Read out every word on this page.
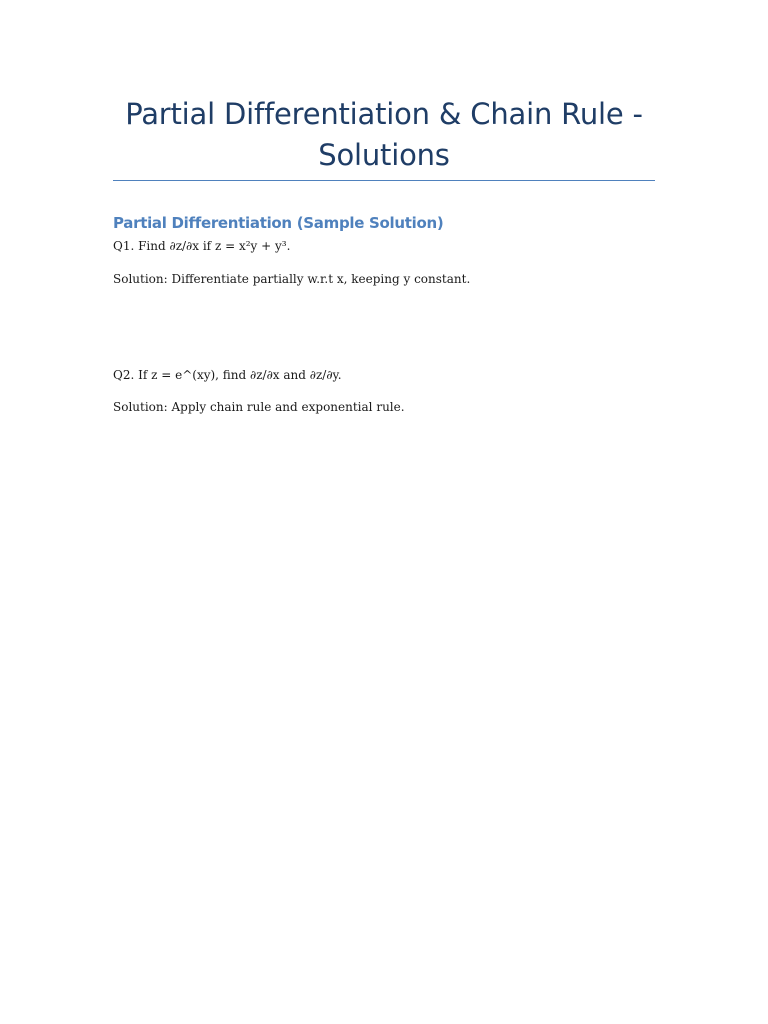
Partial Differentiation & Chain Rule - Solutions
Partial Differentiation (Sample Solution)
Q1. Find ∂z/∂x if z = x²y + y³.
Solution: Differentiate partially w.r.t x, keeping y constant.
Q2. If z = e^(xy), find ∂z/∂x and ∂z/∂y.
Solution: Apply chain rule and exponential rule.
